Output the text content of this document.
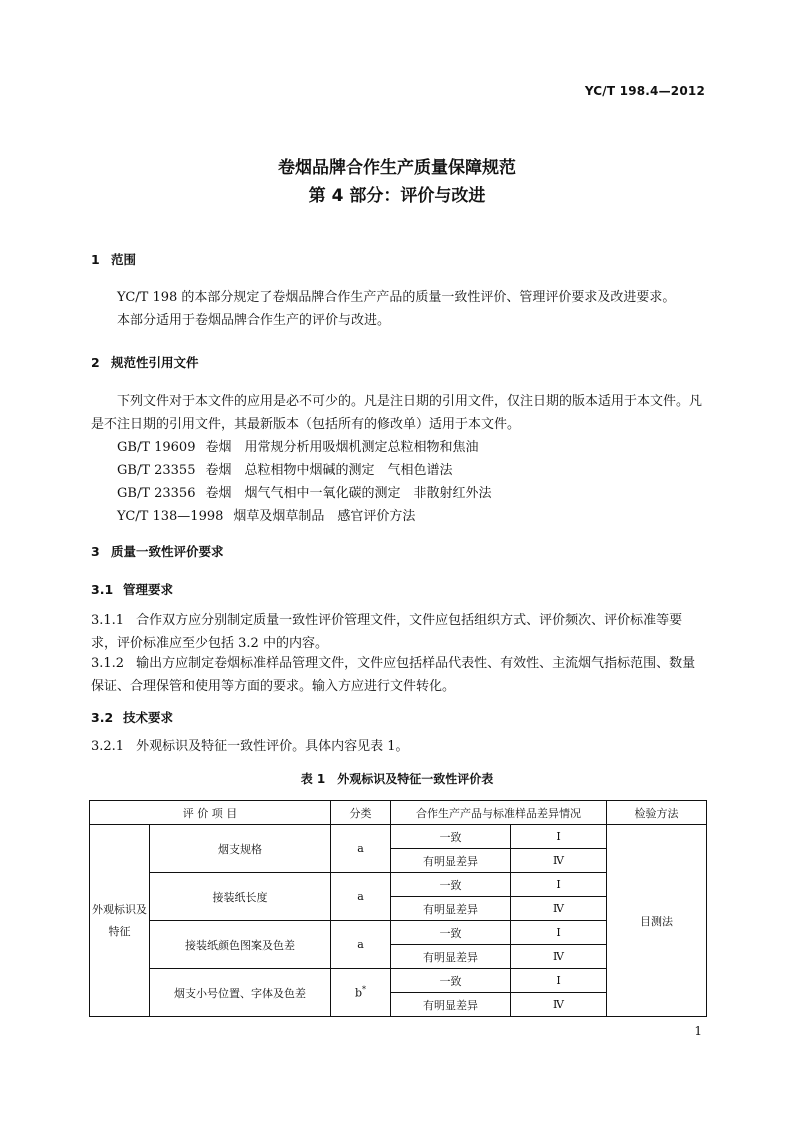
YC/T 198.4—2012
卷烟品牌合作生产质量保障规范
第 4 部分：评价与改进
1 范围
YC/T 198 的本部分规定了卷烟品牌合作生产产品的质量一致性评价、管理评价要求及改进要求。
本部分适用于卷烟品牌合作生产的评价与改进。
2 规范性引用文件
下列文件对于本文件的应用是必不可少的。凡是注日期的引用文件，仅注日期的版本适用于本文件。凡是不注日期的引用文件，其最新版本（包括所有的修改单）适用于本文件。
GB/T 19609 卷烟　用常规分析用吸烟机测定总粒相物和焦油
GB/T 23355 卷烟　总粒相物中烟碱的测定　气相色谱法
GB/T 23356 卷烟　烟气气相中一氧化碳的测定　非散射红外法
YC/T 138—1998 烟草及烟草制品　感官评价方法
3 质量一致性评价要求
3.1 管理要求
3.1.1 合作双方应分别制定质量一致性评价管理文件，文件应包括组织方式、评价频次、评价标准等要求，评价标准应至少包括 3.2 中的内容。
3.1.2 输出方应制定卷烟标准样品管理文件，文件应包括样品代表性、有效性、主流烟气指标范围、数量保证、合理保管和使用等方面的要求。输入方应进行文件转化。
3.2 技术要求
3.2.1 外观标识及特征一致性评价。具体内容见表 1。
表 1　外观标识及特征一致性评价表
评 价 项 目		分类	合作生产产品与标准样品差异情况		检验方法
外观标识及特征	烟支规格	a	一致	Ⅰ	目测法
			有明显差异	Ⅳ	
	接装纸长度	a	一致	Ⅰ	
			有明显差异	Ⅳ	
	接装纸颜色图案及色差	a	一致	Ⅰ	
			有明显差异	Ⅳ	
	烟支小号位置、字体及色差	b*	一致	Ⅰ	
			有明显差异	Ⅳ	
1
